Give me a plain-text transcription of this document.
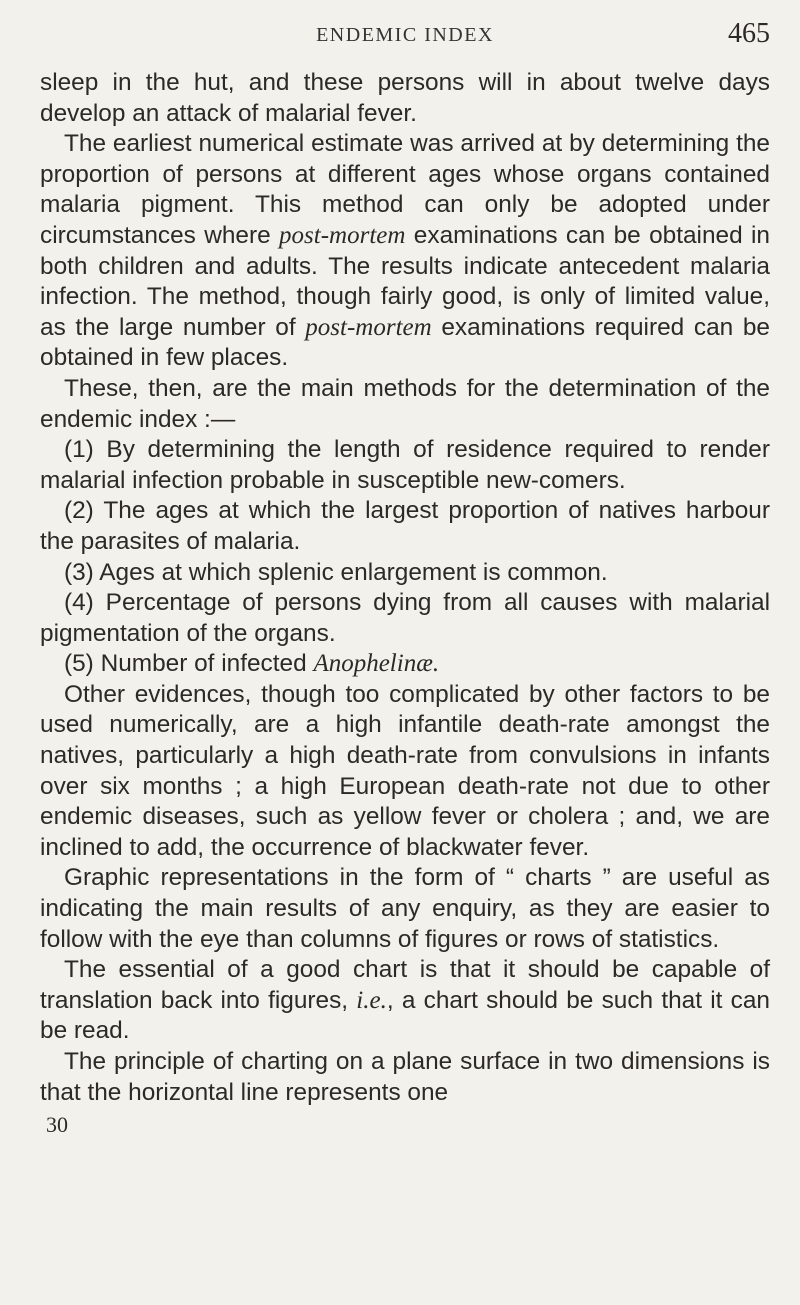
ENDEMIC INDEX	465

sleep in the hut, and these persons will in about twelve days develop an attack of malarial fever.

The earliest numerical estimate was arrived at by determining the proportion of persons at different ages whose organs contained malaria pigment. This method can only be adopted under circumstances where post-mortem examinations can be obtained in both children and adults. The results indicate antecedent malaria infection. The method, though fairly good, is only of limited value, as the large number of post-mortem examinations required can be obtained in few places.

These, then, are the main methods for the determination of the endemic index :—

(1) By determining the length of residence required to render malarial infection probable in susceptible new-comers.

(2) The ages at which the largest proportion of natives harbour the parasites of malaria.

(3) Ages at which splenic enlargement is common.

(4) Percentage of persons dying from all causes with malarial pigmentation of the organs.

(5) Number of infected Anophelinæ.

Other evidences, though too complicated by other factors to be used numerically, are a high infantile death-rate amongst the natives, particularly a high death-rate from convulsions in infants over six months ; a high European death-rate not due to other endemic diseases, such as yellow fever or cholera ; and, we are inclined to add, the occurrence of blackwater fever.

Graphic representations in the form of “ charts ” are useful as indicating the main results of any enquiry, as they are easier to follow with the eye than columns of figures or rows of statistics.

The essential of a good chart is that it should be capable of translation back into figures, i.e., a chart should be such that it can be read.

The principle of charting on a plane surface in two dimensions is that the horizontal line represents one

30
